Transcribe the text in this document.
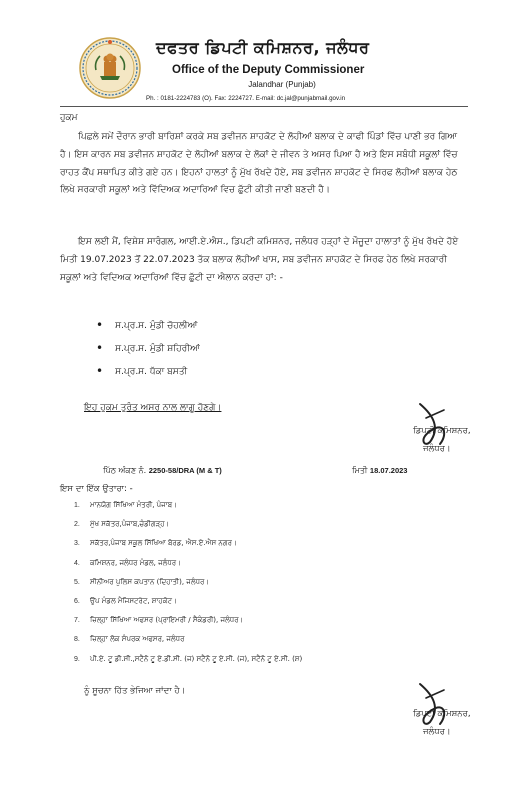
ਦਫਤਰ ਡਿਪਟੀ ਕਮਿਸ਼ਨਰ, ਜਲੰਧਰ
Office of the Deputy Commissioner
Jalandhar (Punjab)
Ph. : 0181-2224783 (O). Fax: 2224727. E-mail: dc.jal@punjabmail.gov.in
ਹੁਕਮ
ਪਿਛਲੇ ਸਮੇਂ ਦੌਰਾਨ ਭਾਰੀ ਬਾਰਿਸ਼ਾਂ ਕਰਕੇ ਸਬ ਡਵੀਜਨ ਸ਼ਾਹਕੋਟ ਦੇ ਲੋਹੀਆਂ ਬਲਾਕ ਦੇ ਕਾਫੀ ਪਿੰਡਾਂ ਵਿੱਚ ਪਾਣੀ ਭਰ ਗਿਆ ਹੈ। ਇਸ ਕਾਰਨ ਸਬ ਡਵੀਜਨ ਸ਼ਾਹਕੋਟ ਦੇ ਲੋਹੀਆਂ ਬਲਾਕ ਦੇ ਲੋਕਾਂ ਦੇ ਜੀਵਨ ਤੇ ਅਸਰ ਪਿਆ ਹੈ ਅਤੇ ਇਸ ਸਬੰਧੀ ਸਕੂਲਾਂ ਵਿੱਚ ਰਾਹਤ ਕੈਂਪ ਸਥਾਪਿਤ ਕੀਤੇ ਗਏ ਹਨ। ਇਹਨਾਂ ਹਾਲਤਾਂ ਨੂੰ ਮੁੱਖ ਰੱਖਦੇ ਹੋਏ, ਸਬ ਡਵੀਜਨ ਸ਼ਾਹਕੋਟ ਦੇ ਸਿਰਫ ਲੋਹੀਆਂ ਬਲਾਕ ਹੇਠ ਲਿਖੇ ਸਰਕਾਰੀ ਸਕੂਲਾਂ ਅਤੇ ਵਿੱਦਿਅਕ ਅਦਾਰਿਆਂ ਵਿਚ ਛੁੱਟੀ ਕੀਤੀ ਜਾਣੀ ਬਣਦੀ ਹੈ।
ਇਸ ਲਈ ਮੈਂ, ਵਿਸ਼ੇਸ਼ ਸਾਰੰਗਲ, ਆਈ.ਏ.ਐਸ., ਡਿਪਟੀ ਕਮਿਸ਼ਨਰ, ਜਲੰਧਰ ਹੜ੍ਹਾਂ ਦੇ ਮੌਜੂਦਾ ਹਾਲਾਤਾਂ ਨੂੰ ਮੁੱਖ ਰੱਖਦੇ ਹੋਏ ਮਿਤੀ 19.07.2023 ਤੋਂ 22.07.2023 ਤੱਕ ਬਲਾਕ ਲੋਹੀਆਂ ਖਾਸ, ਸਬ ਡਵੀਜਨ ਸ਼ਾਹਕੋਟ ਦੇ ਸਿਰਫ ਹੇਠ ਲਿਖੇ ਸਰਕਾਰੀ ਸਕੂਲਾਂ ਅਤੇ ਵਿਦਿਅਕ ਅਦਾਰਿਆਂ ਵਿੱਚ ਛੁੱਟੀ ਦਾ ਐਲਾਨ ਕਰਦਾ ਹਾਂ: -
• ਸ.ਪ੍ਰ.ਸ. ਮੁੰਡੀ ਚੋਹਲੀਆਂ
• ਸ.ਪ੍ਰ.ਸ. ਮੁੰਡੀ ਸ਼ਹਿਰੀਆਂ
• ਸ.ਪ੍ਰ.ਸ. ਧੱਕਾ ਬਸਤੀ
ਇਹ ਹੁਕਮ ਤੁਰੰਤ ਅਸਰ ਨਾਲ ਲਾਗੂ ਹੋਣਗੇ।
ਡਿਪਟੀ ਕਮਿਸ਼ਨਰ,
ਜਲੰਧਰ।
ਪਿੱਠ ਅੰਕਣ ਨੰ. 2250-58/DRA (M & T)	ਮਿਤੀ 18.07.2023
ਇਸ ਦਾ ਇੱਕ ਉਤਾਰਾ: -
1. ਮਾਨਯੋਗ ਸਿੱਖਿਆ ਮੰਤਰੀ, ਪੰਜਾਬ।
2. ਮੁੱਖ ਸਕੱਤਰ,ਪੰਜਾਬ,ਚੰਡੀਗੜ੍ਹ।
3. ਸਕੱਤਰ,ਪੰਜਾਬ ਸਕੂਲ ਸਿੱਖਿਆ ਬੋਰਡ, ਐਸ.ਏ.ਐਸ ਨਗਰ।
4. ਕਮਿਸ਼ਨਰ, ਜਲੰਧਰ ਮੰਡਲ, ਜਲੰਧਰ।
5. ਸੀਨੀਅਰ ਪੁਲਿਸ ਕਪਤਾਨ (ਦਿਹਾਤੀ), ਜਲੰਧਰ।
6. ਉਪ ਮੰਡਲ ਮੈਜਿਸਟਰੇਟ, ਸ਼ਾਹਕੋਟ।
7. ਜ਼ਿਲ੍ਹਾ ਸਿੱਖਿਆ ਅਫਸਰ (ਪ੍ਰਾਇਮਰੀ / ਸੈਕੰਡਰੀ), ਜਲੰਧਰ।
8. ਜ਼ਿਲ੍ਹਾ ਲੋਕ ਸੰਪਰਕ ਅਫਸਰ, ਜਲੰਧਰ
9. ਪੀ.ਏ. ਟੂ ਡੀ.ਸੀ.,ਸਟੈਨੋ ਟੂ ਏ.ਡੀ.ਸੀ. (ਜ) ਸਟੈਨੋ ਟੂ ਏ.ਸੀ. (ਜ), ਸਟੈਨੋ ਟੂ ਏ.ਸੀ. (ਸ਼)
ਨੂੰ ਸੂਚਨਾ ਹਿੱਤ ਭੇਜਿਆ ਜਾਂਦਾ ਹੈ।
ਡਿਪਟੀ ਕਮਿਸ਼ਨਰ,
ਜਲੰਧਰ।
